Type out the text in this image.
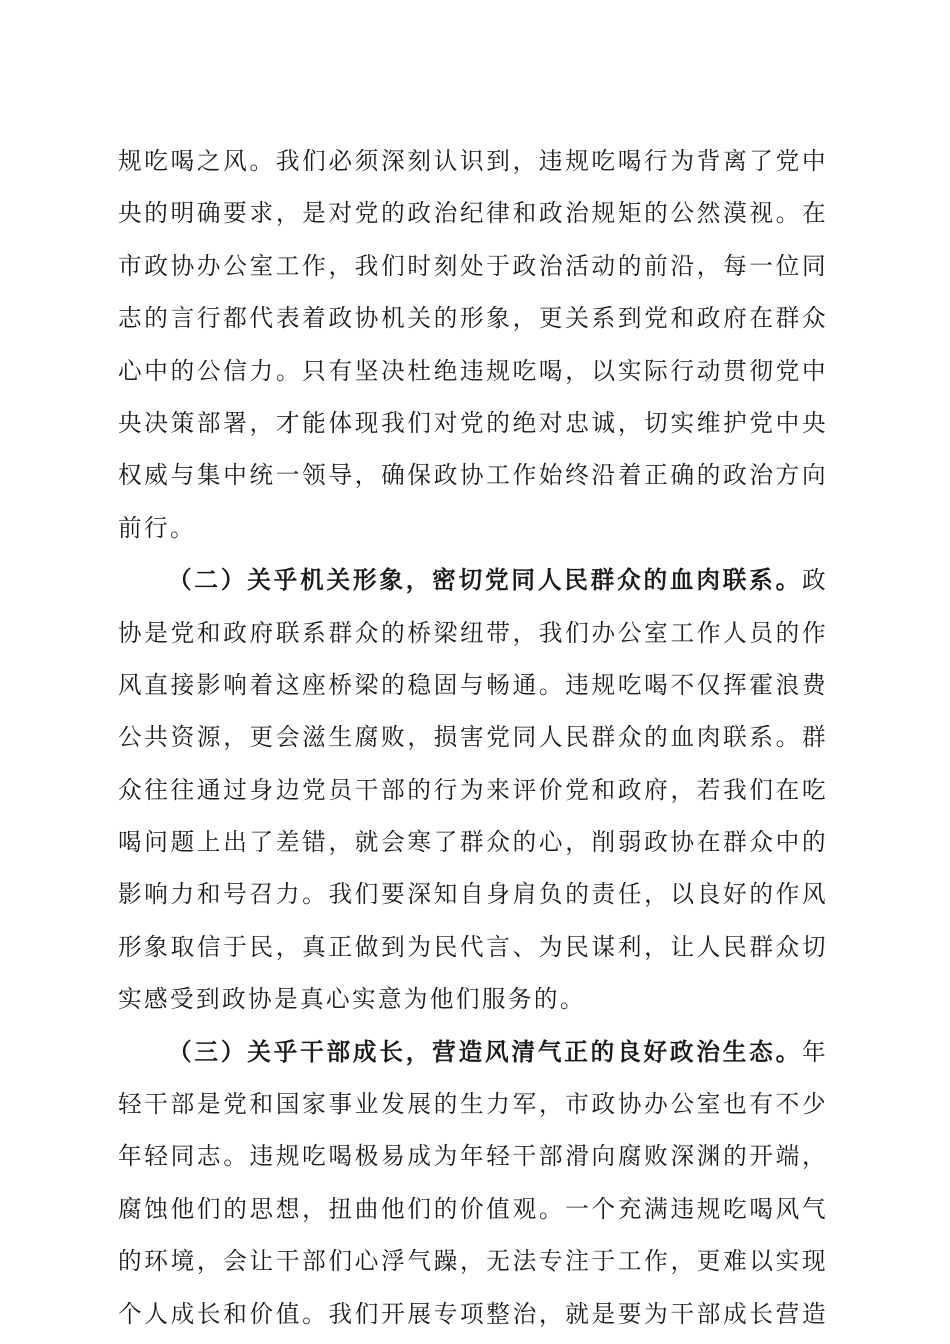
规吃喝之风。我们必须深刻认识到，违规吃喝行为背离了党中
央的明确要求，是对党的政治纪律和政治规矩的公然漠视。在
市政协办公室工作，我们时刻处于政治活动的前沿，每一位同
志的言行都代表着政协机关的形象，更关系到党和政府在群众
心中的公信力。只有坚决杜绝违规吃喝，以实际行动贯彻党中
央决策部署，才能体现我们对党的绝对忠诚，切实维护党中央
权威与集中统一领导，确保政协工作始终沿着正确的政治方向
前行。
（二）关乎机关形象，密切党同人民群众的血肉联系。政
协是党和政府联系群众的桥梁纽带，我们办公室工作人员的作
风直接影响着这座桥梁的稳固与畅通。违规吃喝不仅挥霍浪费
公共资源，更会滋生腐败，损害党同人民群众的血肉联系。群
众往往通过身边党员干部的行为来评价党和政府，若我们在吃
喝问题上出了差错，就会寒了群众的心，削弱政协在群众中的
影响力和号召力。我们要深知自身肩负的责任，以良好的作风
形象取信于民，真正做到为民代言、为民谋利，让人民群众切
实感受到政协是真心实意为他们服务的。
（三）关乎干部成长，营造风清气正的良好政治生态。年
轻干部是党和国家事业发展的生力军，市政协办公室也有不少
年轻同志。违规吃喝极易成为年轻干部滑向腐败深渊的开端，
腐蚀他们的思想，扭曲他们的价值观。一个充满违规吃喝风气
的环境，会让干部们心浮气躁，无法专注于工作，更难以实现
个人成长和价值。我们开展专项整治，就是要为干部成长营造
